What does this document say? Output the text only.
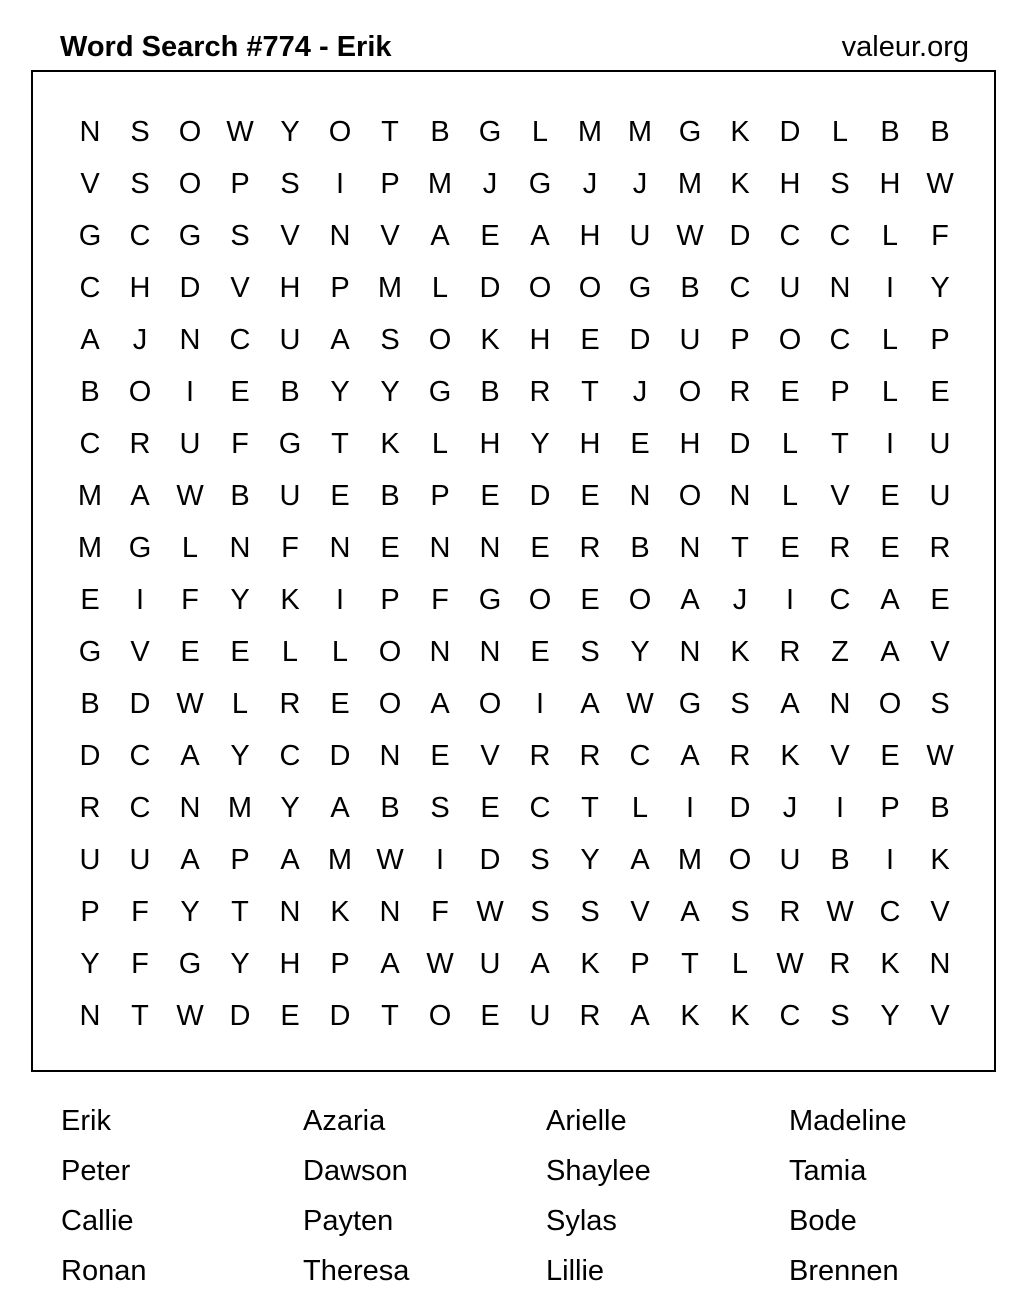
Word Search #774 - Erik	valeur.org
N	S	O W Y	O	T	B	G	L	M M G	K	D	L	B	B
V	S	O	P	S	I	P M	J	G	J	J	M K	H	S	H W
G C G	S	V	N	V	A	E	A	H	U W D	C	C	L	F
C	H	D	V	H	P M	L	D O O G	B	C	U	N	I	Y
A	J	N	C	U	A	S	O	K	H	E	D	U	P	O C	L	P
B	O	I	E	B	Y	Y	G	B	R	T	J	O R	E	P	L	E
C	R	U	F	G	T	K	L	H	Y	H	E	H	D	L	T	I	U
M A W B	U	E	B	P	E	D	E	N O N	L	V	E	U
M G	L	N	F	N	E	N	N	E	R	B	N	T	E	R	E	R
E	I	F	Y	K	I	P	F	G O	E	O	A	J	I	C	A	E
G	V	E	E	L	L	O N	N	E	S	Y	N	K	R	Z	A	V
B	D W L	R	E	O	A	O	I	A W G	S	A	N O	S
D	C	A	Y	C	D	N	E	V	R	R	C	A	R	K	V	E W
R	C	N M Y	A	B	S	E	C	T	L	I	D	J	I	P	B
U	U	A	P	A M W	I	D	S	Y	A M O U	B	I	K
P	F	Y	T	N	K	N	F W S	S	V	A	S	R W C	V
Y	F	G	Y	H	P	A W U	A	K	P	T	L W R	K	N
N	T W D	E	D	T	O	E	U	R	A	K	K	C	S	Y	V
Erik	Azaria	Arielle	Madeline
Peter	Dawson	Shaylee	Tamia
Callie	Payten	Sylas	Bode
Ronan	Theresa	Lillie	Brennen
